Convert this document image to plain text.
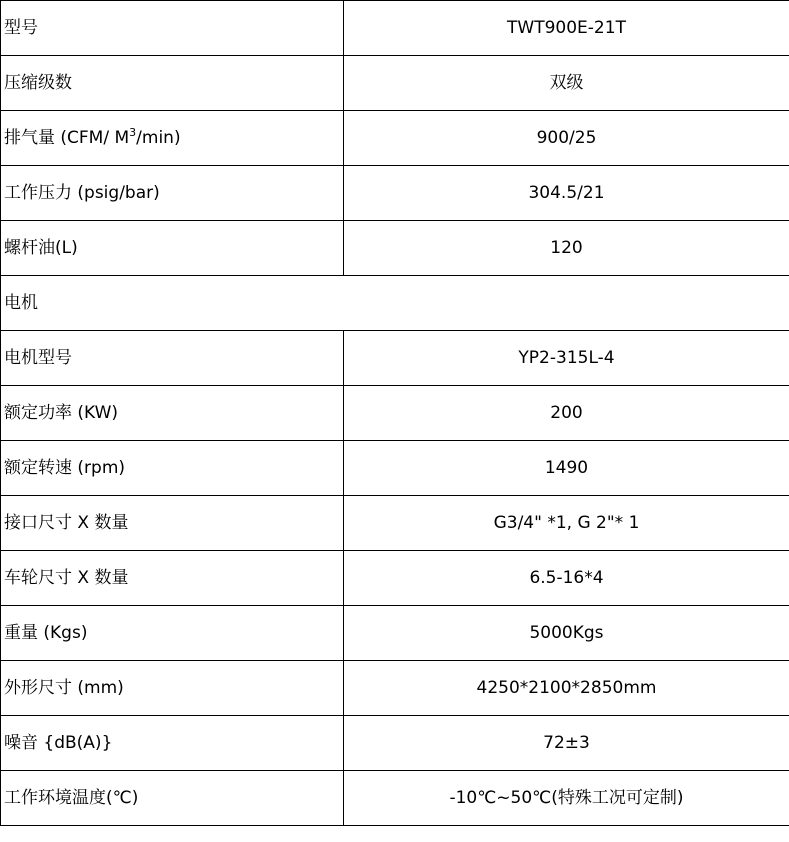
型号	TWT900E-21T
压缩级数	双级
排气量 (CFM/ $M^3/\min$)	900/25
工作压力 (psig/bar)	304.5/21
螺杆油(L)	120
电机	
电机型号	YP2-315L-4
额定功率 (KW)	200
额定转速 (rpm)	1490
接口尺寸 X 数量	G3/4" *1, G 2"* 1
车轮尺寸 X 数量	6.5-16*4
重量 (Kgs)	5000Kgs
外形尺寸 (mm)	4250*2100*2850mm
噪音 {dB(A)}	72±3
工作环境温度(℃)	-10℃~50℃(特殊工况可定制)
